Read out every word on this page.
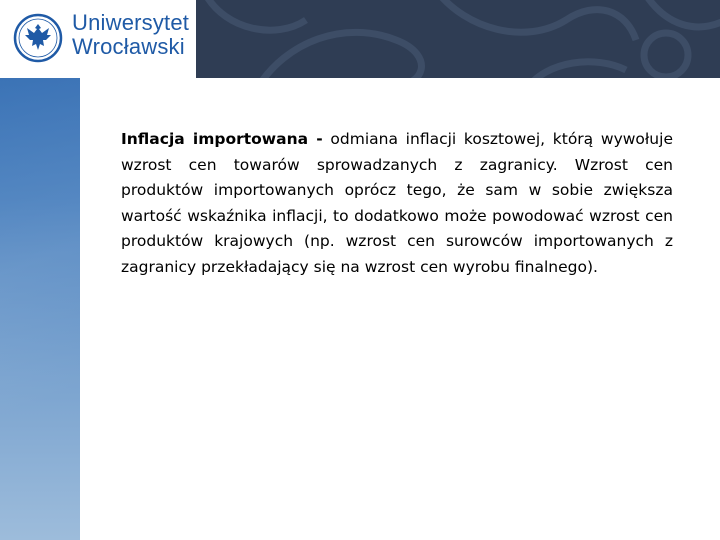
Uniwersytet
Wrocławski
Inflacja importowana - odmiana inflacji kosztowej, którą wywołuje wzrost cen towarów sprowadzanych z zagranicy. Wzrost cen produktów importowanych oprócz tego, że sam w sobie zwiększa wartość wskaźnika inflacji, to dodatkowo może powodować wzrost cen produktów krajowych (np. wzrost cen surowców importowanych z zagranicy przekładający się na wzrost cen wyrobu finalnego).
